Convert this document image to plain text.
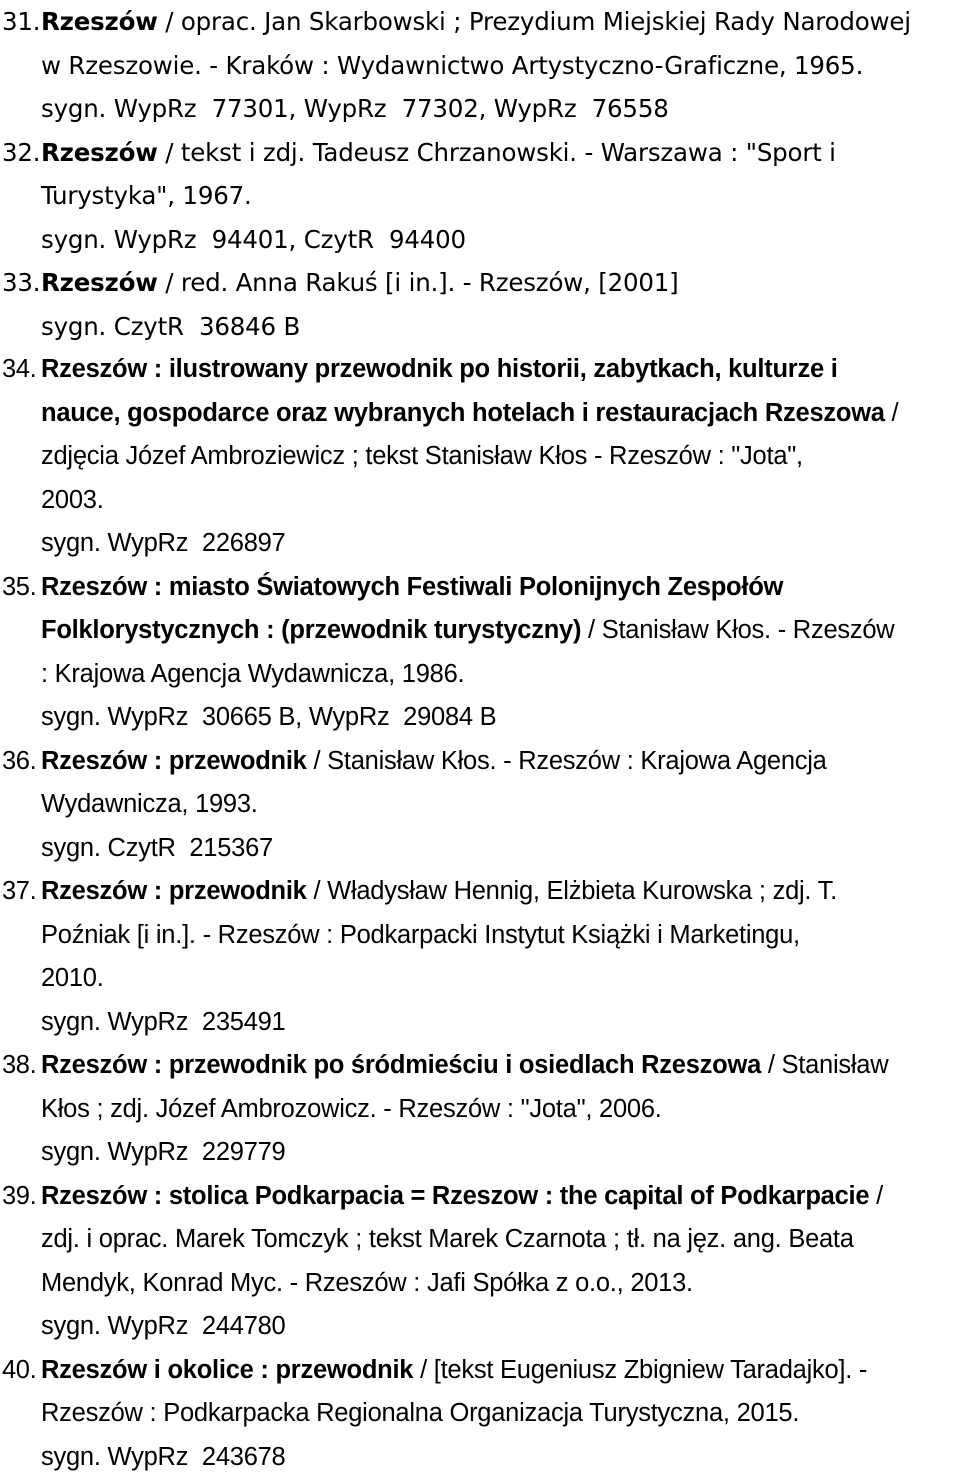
31. Rzeszów / oprac. Jan Skarbowski ; Prezydium Miejskiej Rady Narodowej

w Rzeszowie. - Kraków : Wydawnictwo Artystyczno-Graficzne, 1965.

sygn. WypRz  77301, WypRz  77302, WypRz  76558

32. Rzeszów / tekst i zdj. Tadeusz Chrzanowski. - Warszawa : "Sport i

Turystyka", 1967.

sygn. WypRz  94401, CzytR  94400

33. Rzeszów / red. Anna Rakuś [i in.]. - Rzeszów, [2001]

sygn. CzytR  36846 B

34. Rzeszów : ilustrowany przewodnik po historii, zabytkach, kulturze i

nauce, gospodarce oraz wybranych hotelach i restauracjach Rzeszowa /

zdjęcia Józef Ambroziewicz ; tekst Stanisław Kłos - Rzeszów : "Jota",

2003.

sygn. WypRz  226897

35. Rzeszów : miasto Światowych Festiwali Polonijnych Zespołów

Folklorystycznych : (przewodnik turystyczny) / Stanisław Kłos. - Rzeszów

: Krajowa Agencja Wydawnicza, 1986.

sygn. WypRz  30665 B, WypRz  29084 B

36. Rzeszów : przewodnik / Stanisław Kłos. - Rzeszów : Krajowa Agencja

Wydawnicza, 1993.

sygn. CzytR  215367

37. Rzeszów : przewodnik / Władysław Hennig, Elżbieta Kurowska ; zdj. T.

Poźniak [i in.]. - Rzeszów : Podkarpacki Instytut Książki i Marketingu,

2010.

sygn. WypRz  235491

38. Rzeszów : przewodnik po śródmieściu i osiedlach Rzeszowa / Stanisław

Kłos ; zdj. Józef Ambrozowicz. - Rzeszów : "Jota", 2006.

sygn. WypRz  229779

39. Rzeszów : stolica Podkarpacia = Rzeszow : the capital of Podkarpacie /

zdj. i oprac. Marek Tomczyk ; tekst Marek Czarnota ; tł. na jęz. ang. Beata

Mendyk, Konrad Myc. - Rzeszów : Jafi Spółka z o.o., 2013.

sygn. WypRz  244780

40. Rzeszów i okolice : przewodnik / [tekst Eugeniusz Zbigniew Taradajko]. -

Rzeszów : Podkarpacka Regionalna Organizacja Turystyczna, 2015.

sygn. WypRz  243678
